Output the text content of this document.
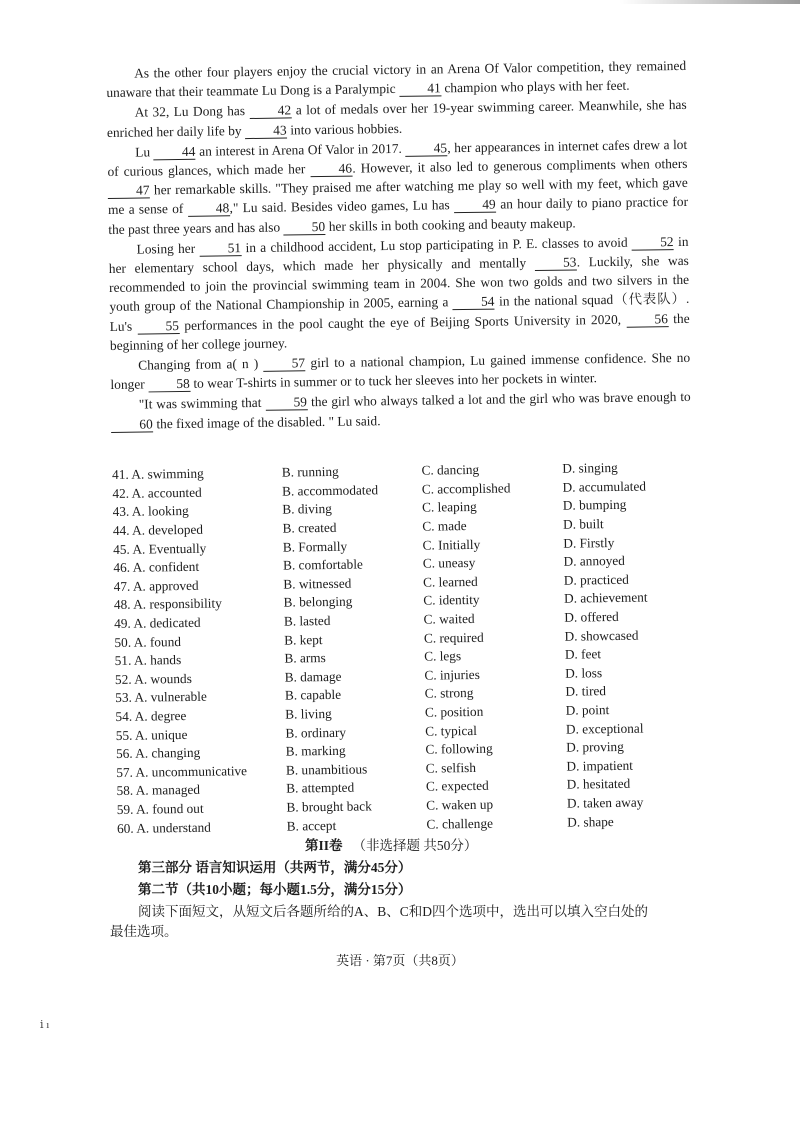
As the other four players enjoy the crucial victory in an Arena Of Valor competition, they remained unaware that their teammate Lu Dong is a Paralympic 41 champion who plays with her feet.

At 32, Lu Dong has 42 a lot of medals over her 19-year swimming career. Meanwhile, she has enriched her daily life by 43 into various hobbies.

Lu 44 an interest in Arena Of Valor in 2017. 45, her appearances in internet cafes drew a lot of curious glances, which made her 46. However, it also led to generous compliments when others 47 her remarkable skills. "They praised me after watching me play so well with my feet, which gave me a sense of 48," Lu said. Besides video games, Lu has 49 an hour daily to piano practice for the past three years and has also 50 her skills in both cooking and beauty makeup.

Losing her 51 in a childhood accident, Lu stop participating in P. E. classes to avoid 52 in her elementary school days, which made her physically and mentally	53. Luckily, she was recommended to join the provincial swimming team in 2004. She won two golds and two silvers in the youth group of the National Championship in 2005, earning a 54 in the national squad（代表队）. Lu's 55 performances in the pool caught the eye of Beijing Sports University in 2020, 56 the beginning of her college journey.

Changing from a( n ) 57 girl to a national champion, Lu gained immense confidence. She no longer 58 to wear T-shirts in summer or to tuck her sleeves into her pockets in winter.

"It was swimming that 59 the girl who always talked a lot and the girl who was brave enough to 60 the fixed image of the disabled. " Lu said.

41. A. swimming	B. running	C. dancing	D. singing
42. A. accounted	B. accommodated	C. accomplished	D. accumulated
43. A. looking	B. diving	C. leaping	D. bumping
44. A. developed	B. created	C. made	D. built
45. A. Eventually	B. Formally	C. Initially	D. Firstly
46. A. confident	B. comfortable	C. uneasy	D. annoyed
47. A. approved	B. witnessed	C. learned	D. practiced
48. A. responsibility	B. belonging	C. identity	D. achievement
49. A. dedicated	B. lasted	C. waited	D. offered
50. A. found	B. kept	C. required	D. showcased
51. A. hands	B. arms	C. legs	D. feet
52. A. wounds	B. damage	C. injuries	D. loss
53. A. vulnerable	B. capable	C. strong	D. tired
54. A. degree	B. living	C. position	D. point
55. A. unique	B. ordinary	C. typical	D. exceptional
56. A. changing	B. marking	C. following	D. proving
57. A. uncommunicative	B. unambitious	C. selfish	D. impatient
58. A. managed	B. attempted	C. expected	D. hesitated
59. A. found out	B. brought back	C. waken up	D. taken away
60. A. understand	B. accept	C. challenge	D. shape
第II卷 （非选择题 共50分）
第三部分 语言知识运用（共两节，满分45分）
第二节（共10小题；每小题1.5分，满分15分）
阅读下面短文，从短文后各题所给的A、B、C和D四个选项中，选出可以填入空白处的
最佳选项。
英语 · 第7页（共8页）
ⅰ ı
